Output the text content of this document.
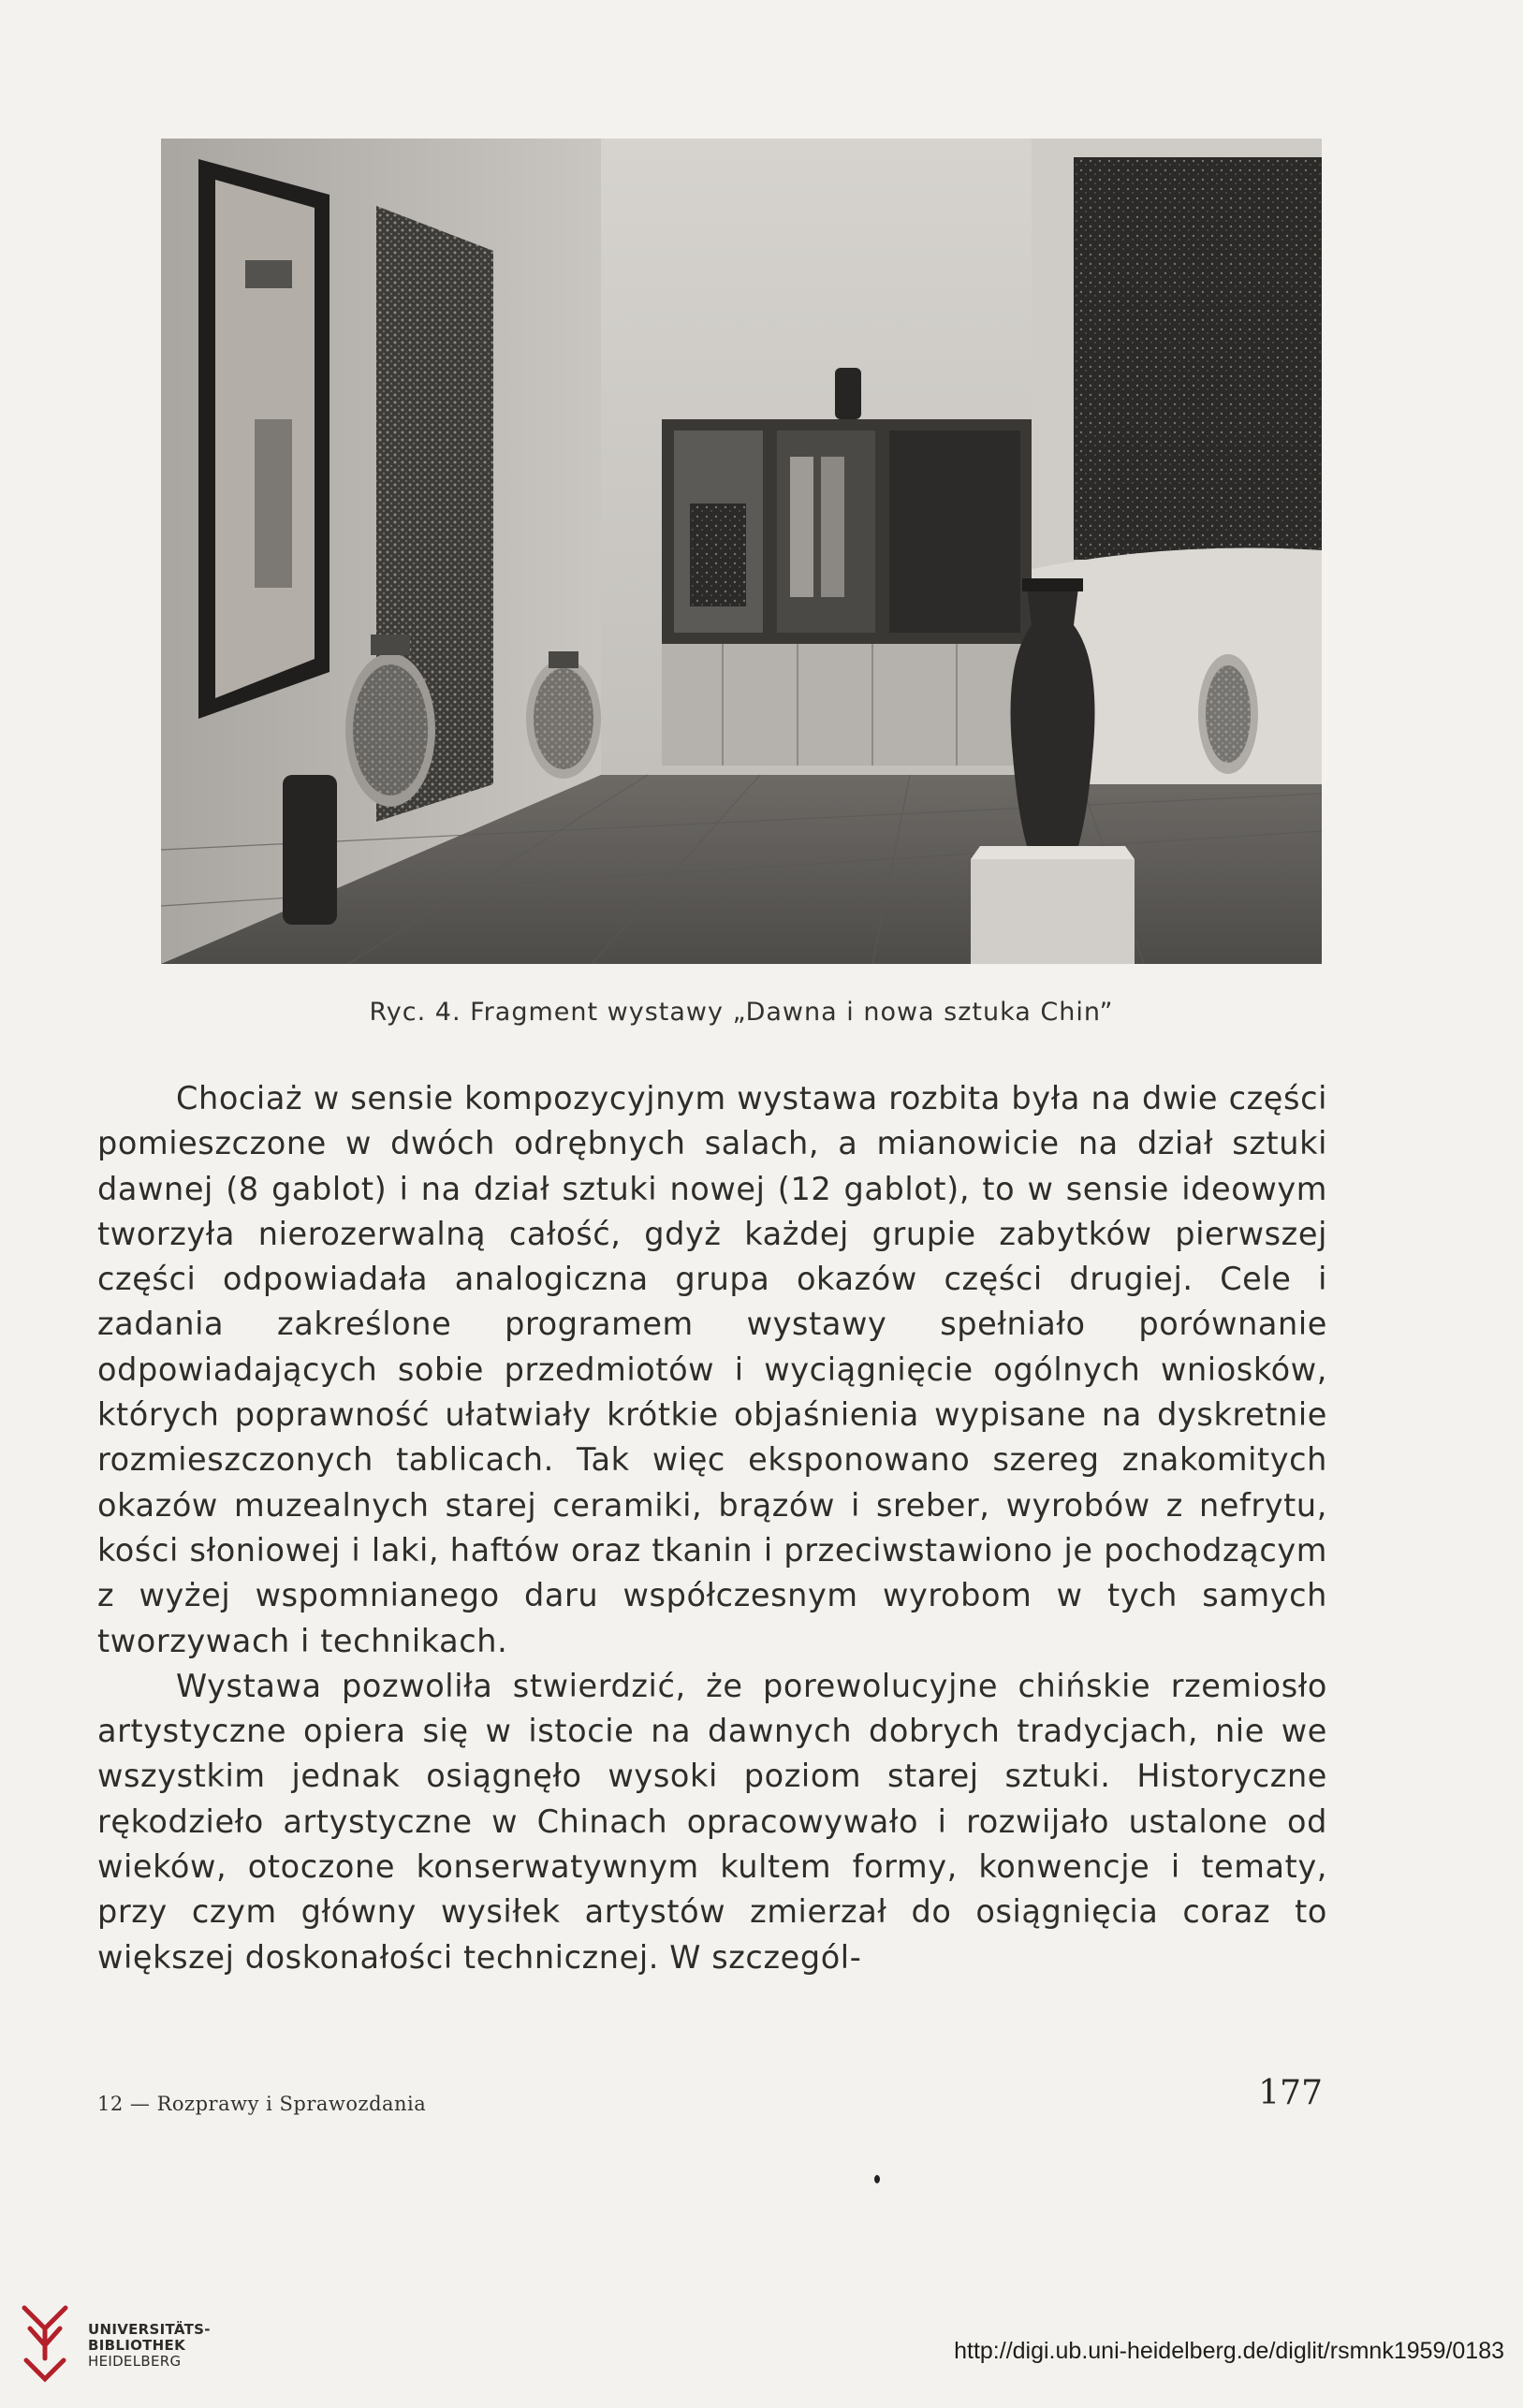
Ryc. 4. Fragment wystawy „Dawna i nowa sztuka Chin”

Chociaż w sensie kompozycyjnym wystawa rozbita była na dwie części pomieszczone w dwóch odrębnych salach, a mianowicie na dział sztuki dawnej (8 gablot) i na dział sztuki nowej (12 gablot), to w sensie ideowym tworzyła nierozerwalną całość, gdyż każdej grupie zabytków pierwszej części odpowiadała analogiczna grupa okazów części drugiej. Cele i zadania zakreślone programem wystawy spełniało porównanie odpowiadających sobie przedmiotów i wyciągnięcie ogólnych wniosków, których poprawność ułatwiały krótkie objaśnienia wypisane na dyskretnie rozmieszczonych tablicach. Tak więc eksponowano szereg znakomitych okazów muzealnych starej ceramiki, brązów i sreber, wyrobów z nefrytu, kości słoniowej i laki, haftów oraz tkanin i przeciwstawiono je pochodzącym z wyżej wspomnianego daru współczesnym wyrobom w tych samych tworzywach i technikach.

Wystawa pozwoliła stwierdzić, że porewolucyjne chińskie rzemiosło artystyczne opiera się w istocie na dawnych dobrych tradycjach, nie we wszystkim jednak osiągnęło wysoki poziom starej sztuki. Historyczne rękodzieło artystyczne w Chinach opracowywało i rozwijało ustalone od wieków, otoczone konserwatywnym kultem formy, konwencje i tematy, przy czym główny wysiłek artystów zmierzał do osiągnięcia coraz to większej doskonałości technicznej. W szczegól-

12 — Rozprawy i Sprawozdania	177
UNIVERSITÄTS-
BIBLIOTHEK
HEIDELBERG	http://digi.ub.uni-heidelberg.de/diglit/rsmnk1959/0183
